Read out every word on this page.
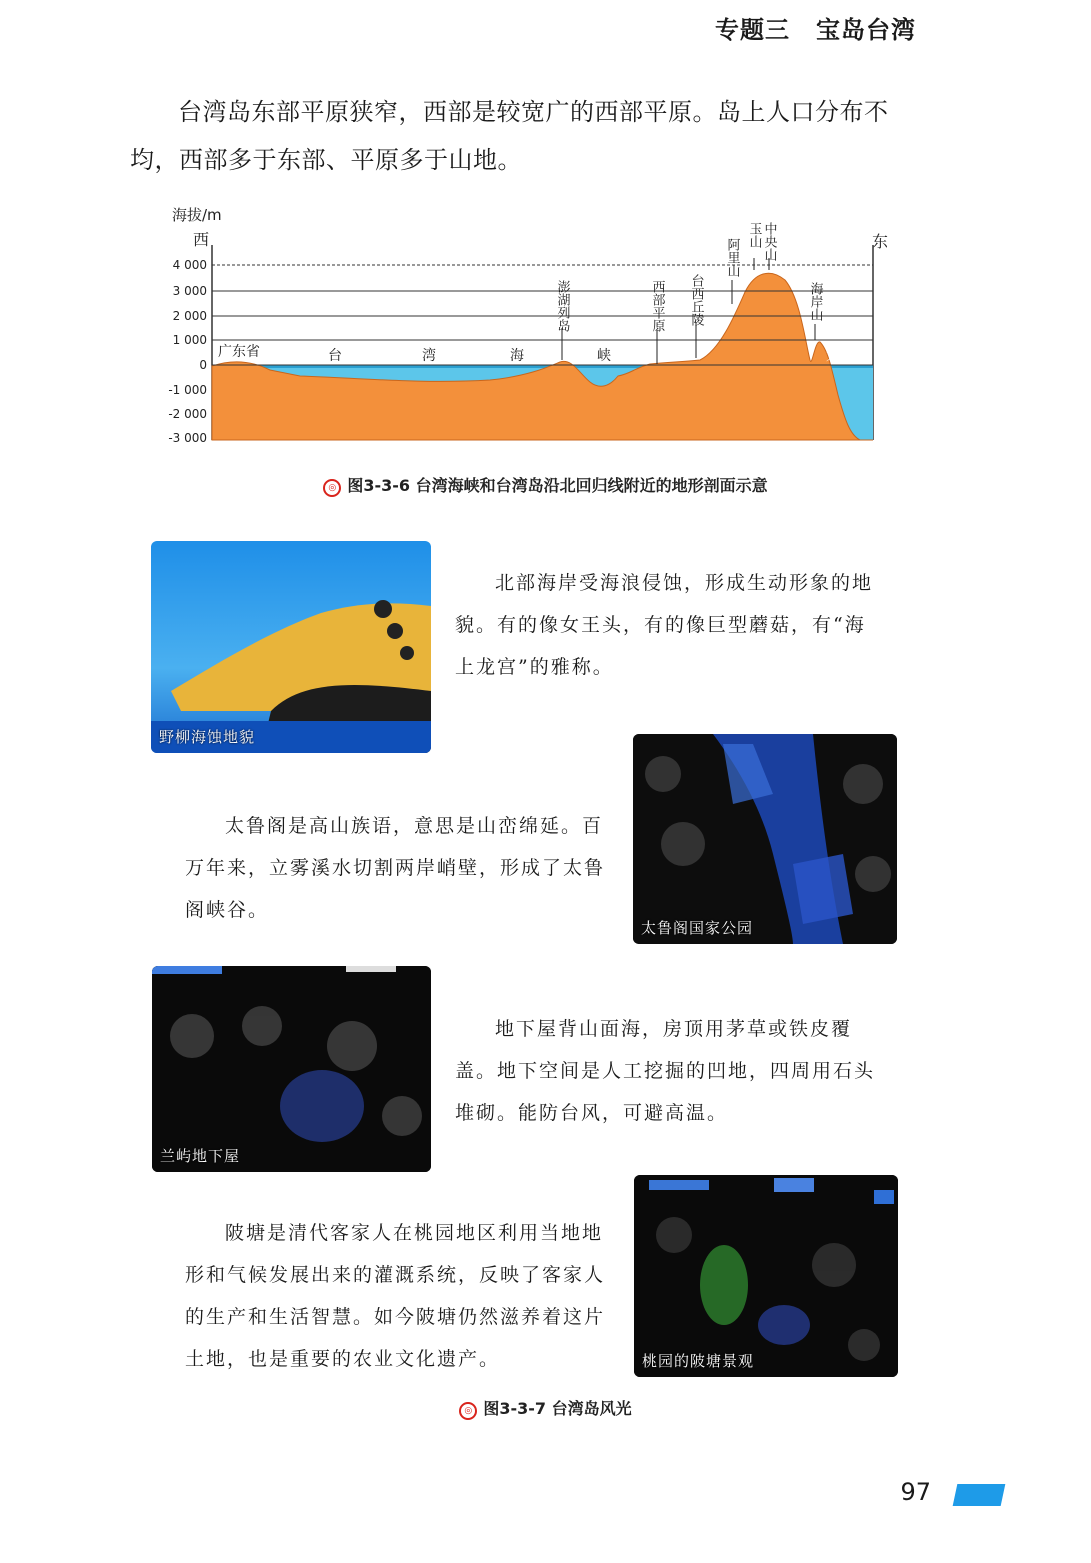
专题三 宝岛台湾
台湾岛东部平原狭窄，西部是较宽广的西部平原。岛上人口分布不均，西部多于东部、平原多于山地。
海拔/m
西	东
4 000
3 000
2 000
1 000
0
-1 000
-2 000
-3 000
广东省	台	湾	海	峡
澎湖列岛	西部平原 台西丘陵
阿里山
玉山 中央山
海岸山
大平洋
◎ 图3-3-6 台湾海峡和台湾岛沿北回归线附近的地形剖面示意
野柳海蚀地貌
北部海岸受海浪侵蚀，形成生动形象的地貌。有的像女王头，有的像巨型蘑菇，有“海上龙宫”的雅称。
太鲁阁是高山族语，意思是山峦绵延。百万年来，立雾溪水切割两岸峭壁，形成了太鲁阁峡谷。
太鲁阁国家公园
兰屿地下屋
地下屋背山面海，房顶用茅草或铁皮覆盖。地下空间是人工挖掘的凹地，四周用石头堆砌。能防台风，可避高温。
陂塘是清代客家人在桃园地区利用当地地形和气候发展出来的灌溉系统，反映了客家人的生产和生活智慧。如今陂塘仍然滋养着这片土地，也是重要的农业文化遗产。	桃园的陂塘景观
◎ 图3-3-7 台湾岛风光
97
